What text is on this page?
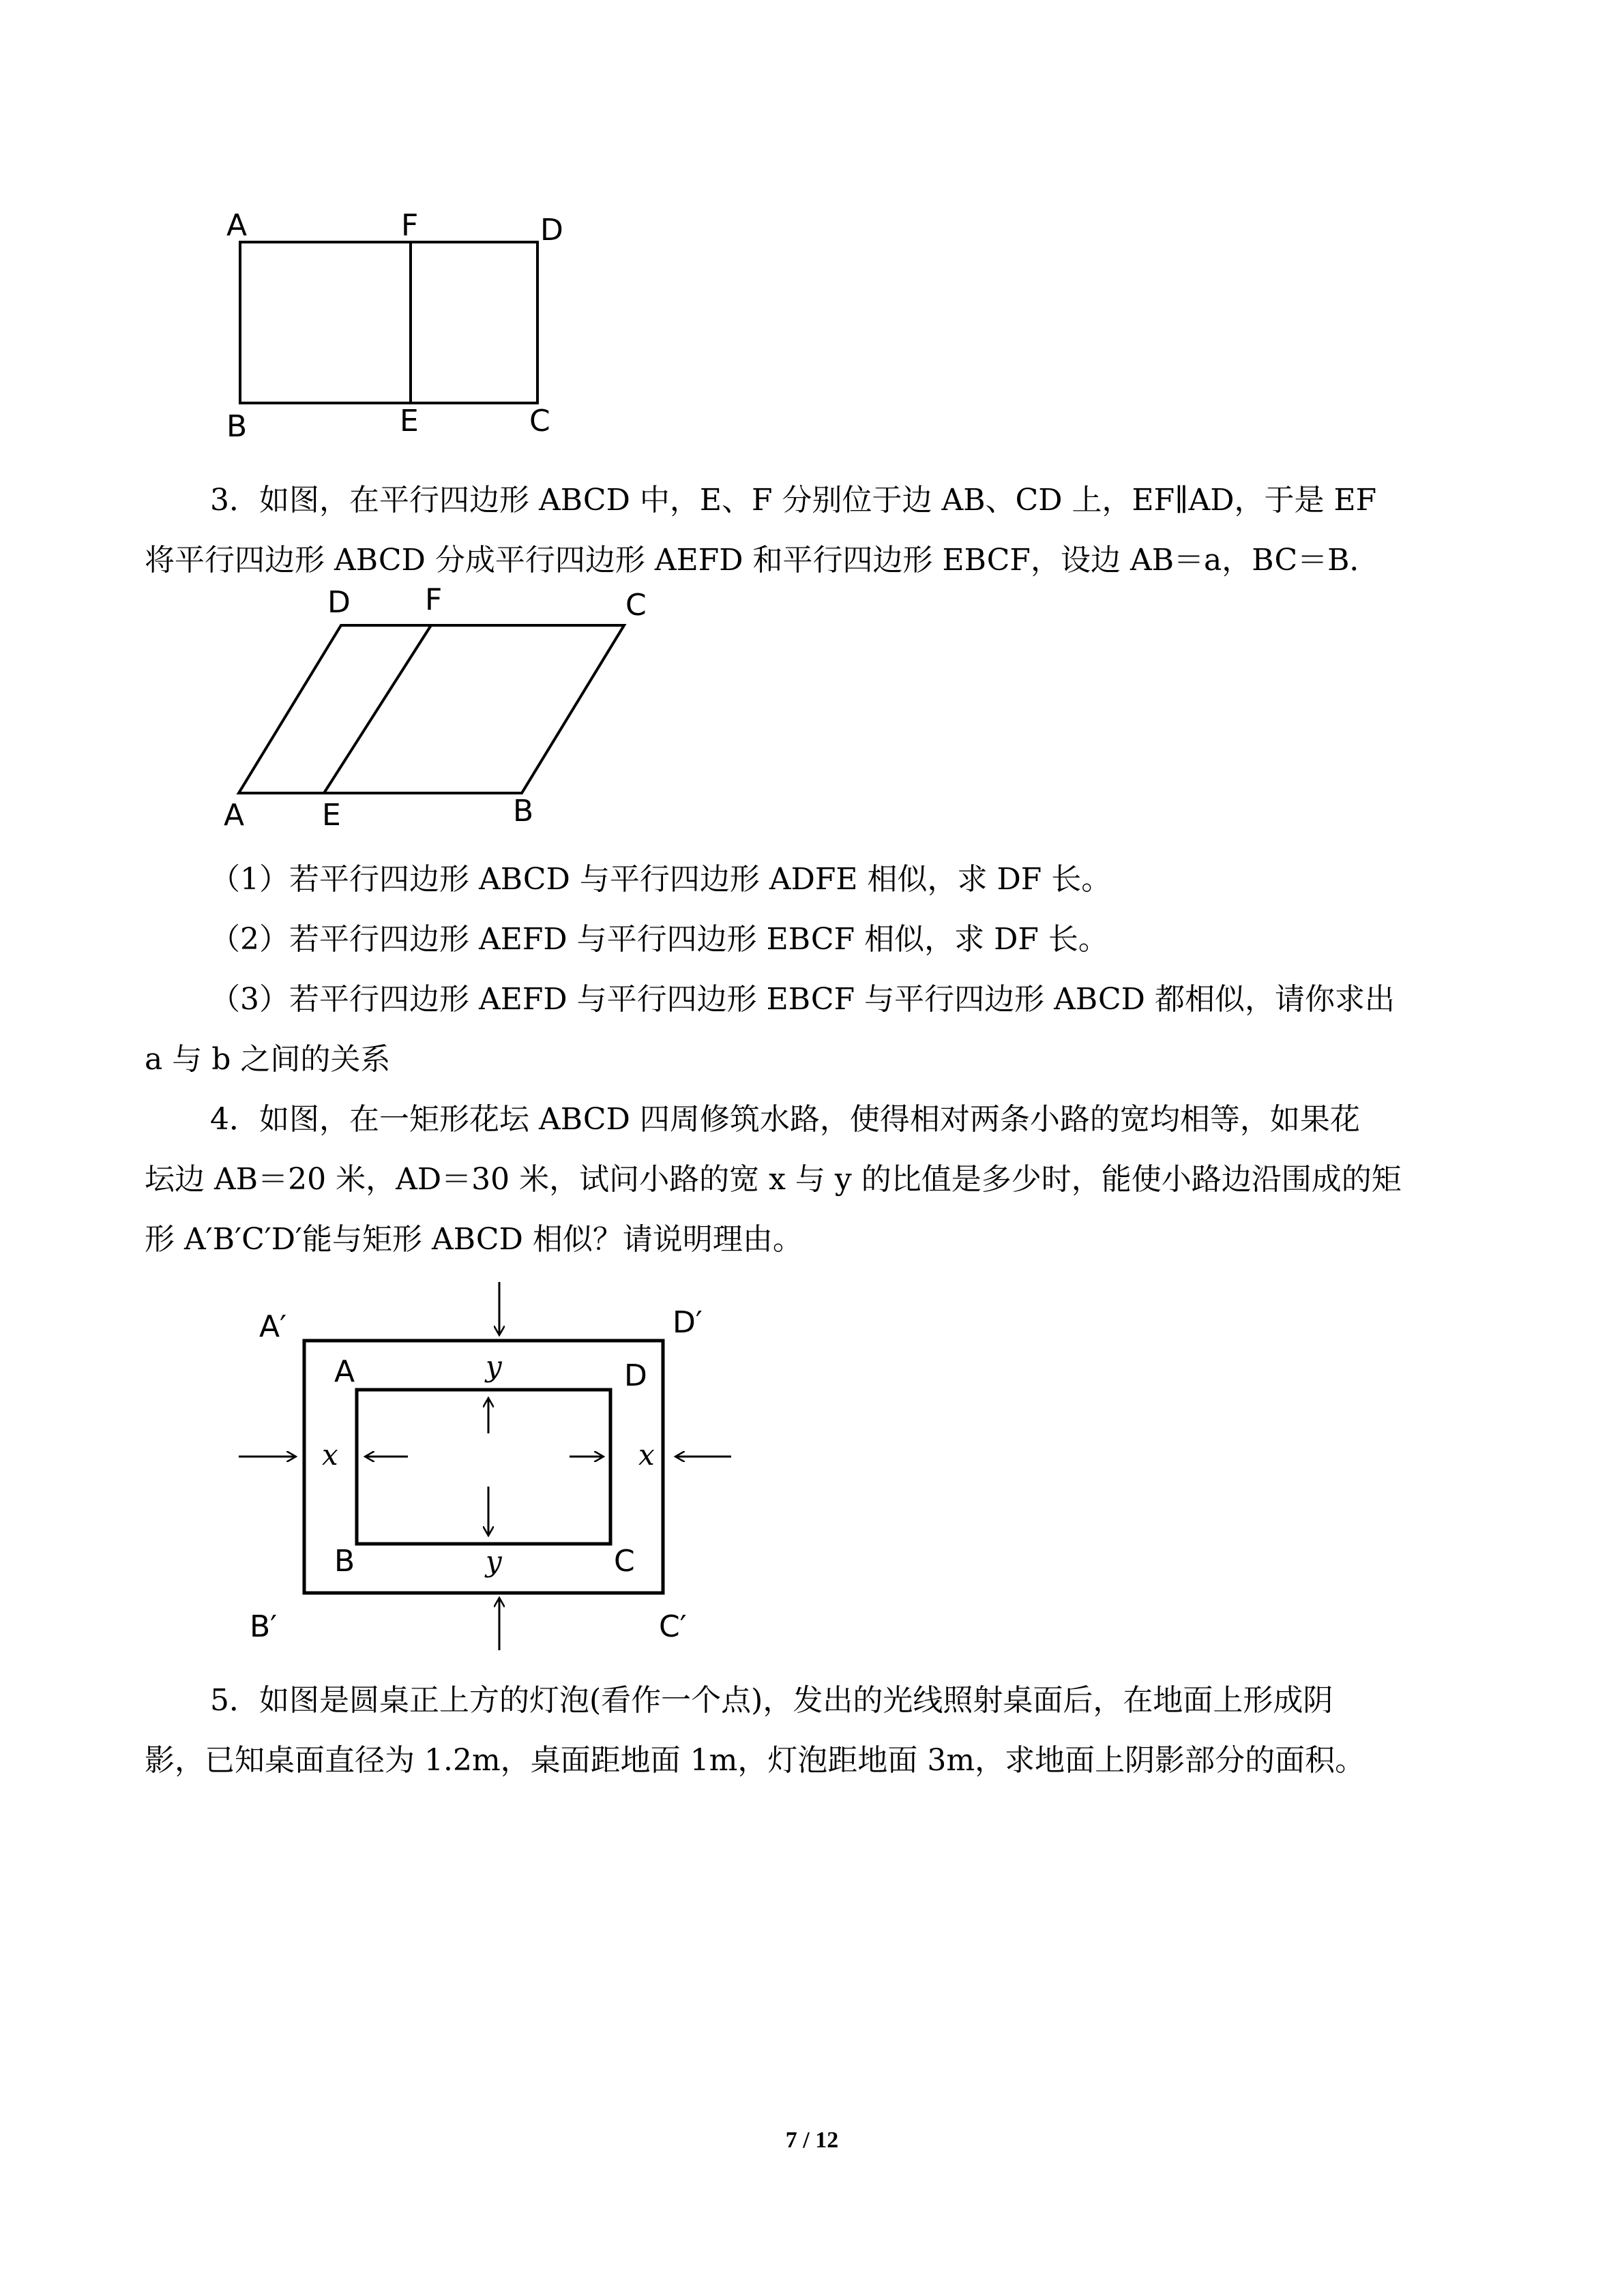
A	F	D
B	E	C
3．如图，在平行四边形 ABCD 中，E、F 分别位于边 AB、CD 上，EF∥AD，于是 EF
将平行四边形 ABCD 分成平行四边形 AEFD 和平行四边形 EBCF，设边 AB＝a，BC＝B．
D F	C
A	E	B
（1）若平行四边形 ABCD 与平行四边形 ADFE 相似，求 DF 长。
（2）若平行四边形 AEFD 与平行四边形 EBCF 相似，求 DF 长。
（3）若平行四边形 AEFD 与平行四边形 EBCF 与平行四边形 ABCD 都相似，请你求出
a 与 b 之间的关系
4．如图，在一矩形花坛 ABCD 四周修筑水路，使得相对两条小路的宽均相等，如果花
坛边 AB＝20 米，AD＝30 米，试问小路的宽 x 与 y 的比值是多少时，能使小路边沿围成的矩
形 A′B′C′D′能与矩形 ABCD 相似？请说明理由。
A′	D′
B′	C′
A	D
B	C
x	x
y
y
5．如图是圆桌正上方的灯泡(看作一个点)，发出的光线照射桌面后，在地面上形成阴
影，已知桌面直径为 1.2m，桌面距地面 1m，灯泡距地面 3m，求地面上阴影部分的面积。
7 / 12
